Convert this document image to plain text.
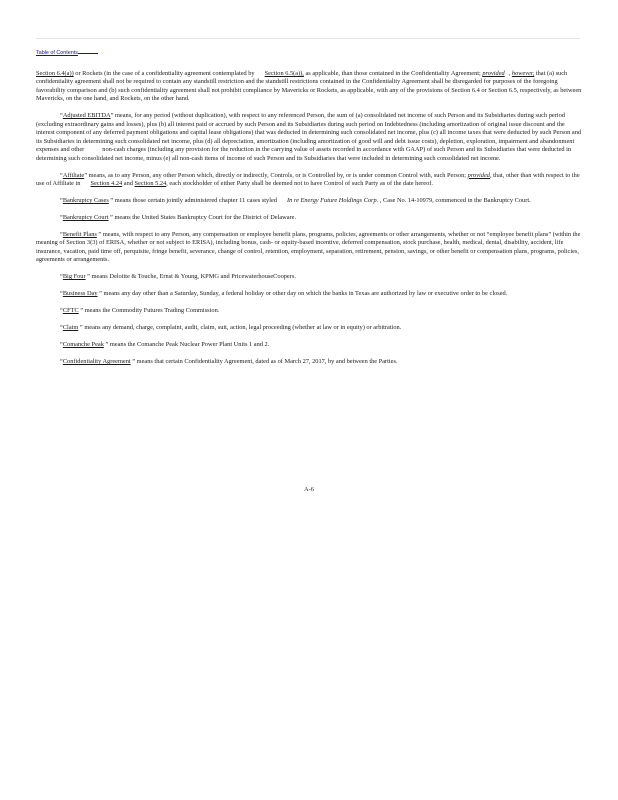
Table of Contents

Section 6.4(a)) or Rockets (in the case of a confidentiality agreement contemplated by Section 6.5(a)), as applicable, than those contained in the Confidentiality Agreement; provided , however, that (a) such confidentiality agreement shall not be required to contain any standstill restriction and the standstill restrictions contained in the Confidentiality Agreement shall be disregarded for purposes of the foregoing favorability comparison and (b) such confidentiality agreement shall not prohibit compliance by Mavericks or Rockets, as applicable, with any of the provisions of Section 6.4 or Section 6.5, respectively, as between Mavericks, on the one hand, and Rockets, on the other hand.

“Adjusted EBITDA” means, for any period (without duplication), with respect to any referenced Person, the sum of (a) consolidated net income of such Person and its Subsidiaries during such period (excluding extraordinary gains and losses), plus (b) all interest paid or accrued by such Person and its Subsidiaries during such period on Indebtedness (including amortization of original issue discount and the interest component of any deferred payment obligations and capital lease obligations) that was deducted in determining such consolidated net income, plus (c) all income taxes that were deducted by such Person and its Subsidiaries in determining such consolidated net income, plus (d) all depreciation, amortization (including amortization of good will and debt issue costs), depletion, exploration, impairment and abandonment expenses and other	non-cash charges (including any provision for the reduction in the carrying value of assets recorded in accordance with GAAP) of such Person and its Subsidiaries that were deducted in determining such consolidated net income, minus (e) all non-cash items of income of such Person and its Subsidiaries that were included in determining such consolidated net income.

“Affiliate” means, as to any Person, any other Person which, directly or indirectly, Controls, or is Controlled by, or is under common Control with, such Person; provided, that, other than with respect to the use of Affiliate in Section 4.24 and Section 5.24, each stockholder of either Party shall be deemed not to have Control of such Party as of the date hereof.

“Bankruptcy Cases ” means those certain jointly administered chapter 11 cases styled In re Energy Future Holdings Corp. , Case No. 14-10979, commenced in the Bankruptcy Court.

“Bankruptcy Court ” means the United States Bankruptcy Court for the District of Delaware.

“Benefit Plans ” means, with respect to any Person, any compensation or employee benefit plans, programs, policies, agreements or other arrangements, whether or not “employee benefit plans” (within the meaning of Section 3(3) of ERISA, whether or not subject to ERISA), including bonus, cash- or equity-based incentive, deferred compensation, stock purchase, health, medical, dental, disability, accident, life insurance, vacation, paid time off, perquisite, fringe benefit, severance, change of control, retention, employment, separation, retirement, pension, savings, or other benefit or compensation plans, programs, policies, agreements or arrangements.

“Big Four ” means Deloitte & Touche, Ernst & Young, KPMG and PricewaterhouseCoopers.

“Business Day ” means any day other than a Saturday, Sunday, a federal holiday or other day on which the banks in Texas are authorized by law or executive order to be closed.

“CFTC ” means the Commodity Futures Trading Commission.

“Claim ” means any demand, charge, complaint, audit, claim, suit, action, legal proceeding (whether at law or in equity) or arbitration.

“Comanche Peak ” means the Comanche Peak Nuclear Power Plant Units 1 and 2.

“Confidentiality Agreement ” means that certain Confidentiality Agreement, dated as of March 27, 2017, by and between the Parties.

A-6
